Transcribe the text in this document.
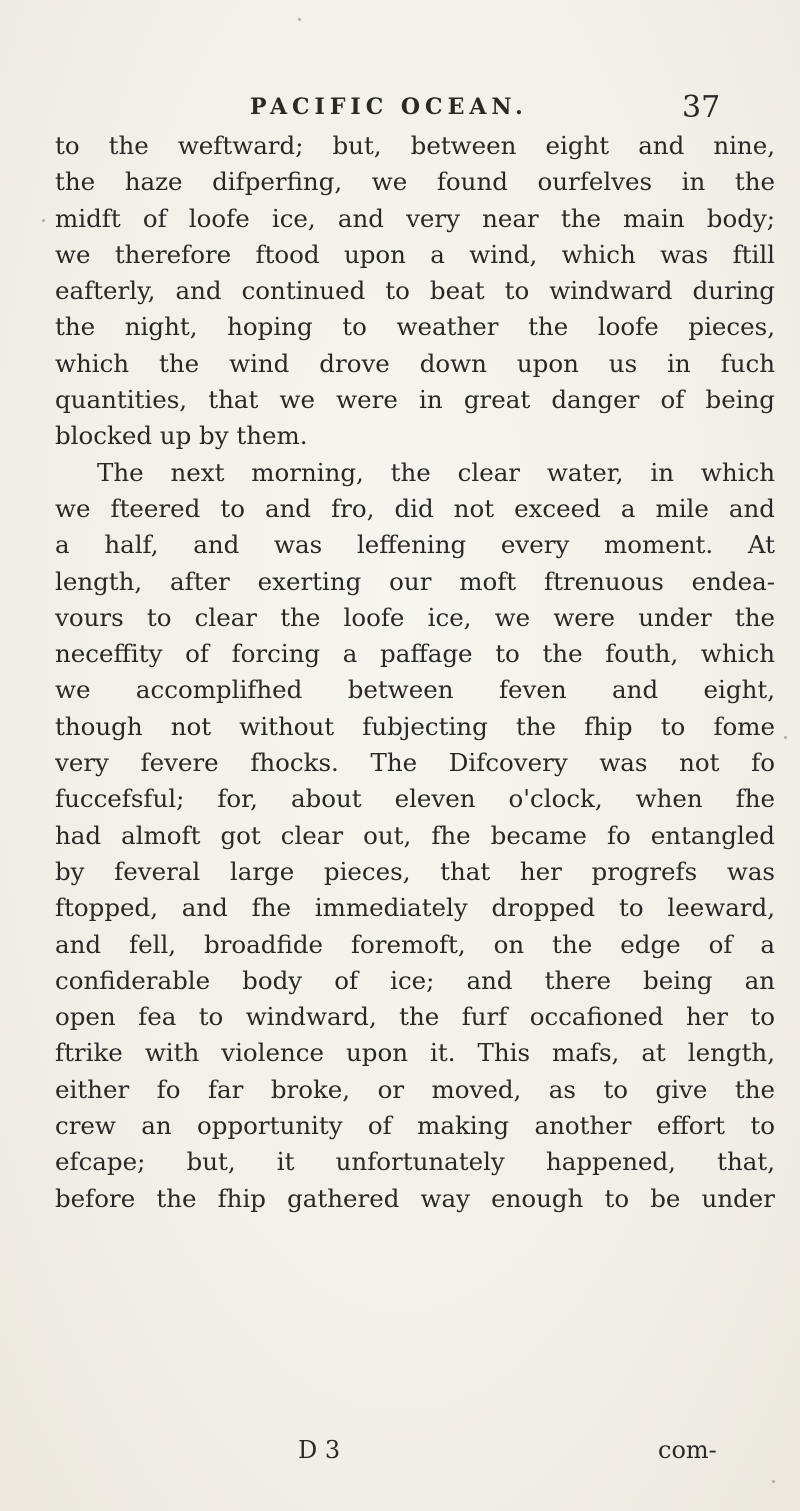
PACIFIC OCEAN.	37
to the weftward; but, between eight and nine,
the haze difperfing, we found ourfelves in the
midft of loofe ice, and very near the main body;
we therefore ftood upon a wind, which was ftill
eafterly, and continued to beat to windward during
the night, hoping to weather the loofe pieces,
which the wind drove down upon us in fuch
quantities, that we were in great danger of being
blocked up by them.
The next morning, the clear water, in which
we fteered to and fro, did not exceed a mile and
a half, and was leffening every moment. At
length, after exerting our moft ftrenuous endea-
vours to clear the loofe ice, we were under the
neceffity of forcing a paffage to the fouth, which
we accomplifhed between feven and eight,
though not without fubjecting the fhip to fome
very fevere fhocks. The Difcovery was not fo
fuccefsful; for, about eleven o'clock, when fhe
had almoft got clear out, fhe became fo entangled
by feveral large pieces, that her progrefs was
ftopped, and fhe immediately dropped to leeward,
and fell, broadfide foremoft, on the edge of a
confiderable body of ice; and there being an
open fea to windward, the furf occafioned her to
ftrike with violence upon it. This mafs, at length,
either fo far broke, or moved, as to give the
crew an opportunity of making another effort to
efcape; but, it unfortunately happened, that,
before the fhip gathered way enough to be under
D 3	com-
